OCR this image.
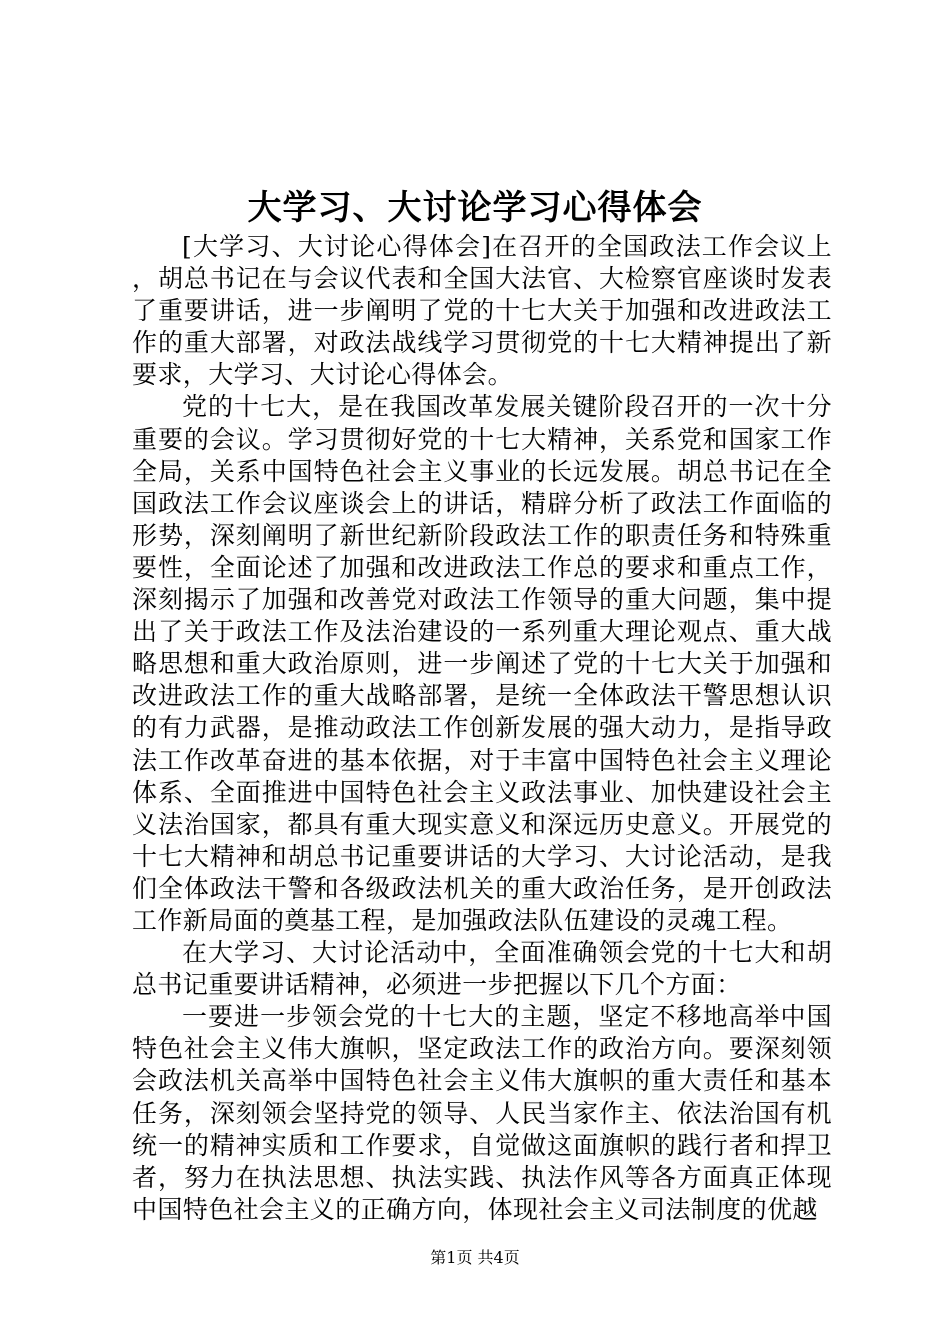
大学习、大讨论学习心得体会

[大学习、大讨论心得体会]在召开的全国政法工作会议上，胡总书记在与会议代表和全国大法官、大检察官座谈时发表了重要讲话，进一步阐明了党的十七大关于加强和改进政法工作的重大部署，对政法战线学习贯彻党的十七大精神提出了新要求，大学习、大讨论心得体会。

党的十七大，是在我国改革发展关键阶段召开的一次十分重要的会议。学习贯彻好党的十七大精神，关系党和国家工作全局，关系中国特色社会主义事业的长远发展。胡总书记在全国政法工作会议座谈会上的讲话，精辟分析了政法工作面临的形势，深刻阐明了新世纪新阶段政法工作的职责任务和特殊重要性，全面论述了加强和改进政法工作总的要求和重点工作，深刻揭示了加强和改善党对政法工作领导的重大问题，集中提出了关于政法工作及法治建设的一系列重大理论观点、重大战略思想和重大政治原则，进一步阐述了党的十七大关于加强和改进政法工作的重大战略部署，是统一全体政法干警思想认识的有力武器，是推动政法工作创新发展的强大动力，是指导政法工作改革奋进的基本依据，对于丰富中国特色社会主义理论体系、全面推进中国特色社会主义政法事业、加快建设社会主义法治国家，都具有重大现实意义和深远历史意义。开展党的十七大精神和胡总书记重要讲话的大学习、大讨论活动，是我们全体政法干警和各级政法机关的重大政治任务，是开创政法工作新局面的奠基工程，是加强政法队伍建设的灵魂工程。

在大学习、大讨论活动中，全面准确领会党的十七大和胡总书记重要讲话精神，必须进一步把握以下几个方面：

一要进一步领会党的十七大的主题，坚定不移地高举中国特色社会主义伟大旗帜，坚定政法工作的政治方向。要深刻领会政法机关高举中国特色社会主义伟大旗帜的重大责任和基本任务，深刻领会坚持党的领导、人民当家作主、依法治国有机统一的精神实质和工作要求，自觉做这面旗帜的践行者和捍卫者，努力在执法思想、执法实践、执法作风等各方面真正体现中国特色社会主义的正确方向，体现社会主义司法制度的优越

第1页 共4页
